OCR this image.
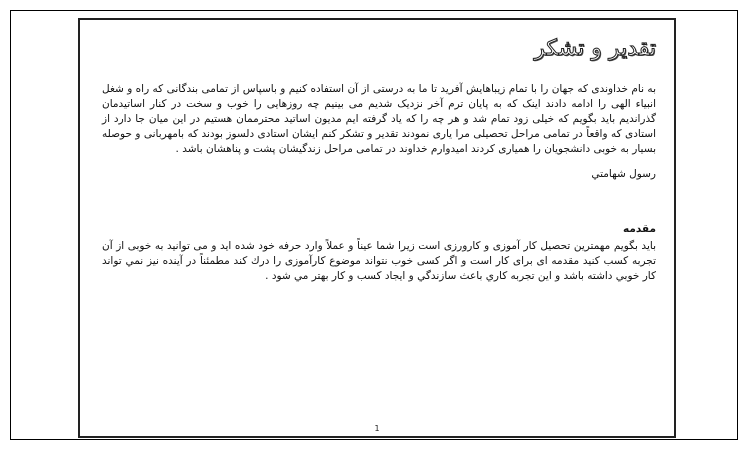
تقدير و تشكر

به نام خداوندی که جهان را با تمام زیباهایش آفرید تا ما به درستی از آن استفاده کنیم و باسپاس از تمامی بندگانی که راه و شغل انبیاء الهی را ادامه دادند اینک که به پایان ترم آخر نزدیک شدیم می بینیم چه روزهایی را خوب و سخت در کنار اساتیدمان گذراندیم باید بگویم که خیلی زود تمام شد و هر چه را که یاد گرفته ایم مدیون اساتید محترممان هستیم در این میان جا دارد از استادی که واقعاً در تمامی مراحل تحصیلی مرا یاری نمودند تقدیر و تشکر کنم ایشان استادی دلسوز بودند که بامهربانی و حوصله بسیار به خوبی دانشجویان را همیاری کردند امیدوارم خداوند در تمامی مراحل زندگیشان پشت و پناهشان باشد .

رسول شهامتي

مقدمه

باید بگویم مهمترین تحصیل کار آموزی و کارورزی است زیرا شما عیناً و عملاً وارد حرفه خود شده اید و می توانید به خوبی از آن تجربه کسب کنید مقدمه ای برای کار است و اگر کسی خوب نتواند موضوع کارآموزی را درك كند مطمئناً در آينده نيز نمي تواند كار خوبي داشته باشد و اين تجربه كاري باعث سازندگي و ايجاد كسب و كار بهتر مي شود .

1
